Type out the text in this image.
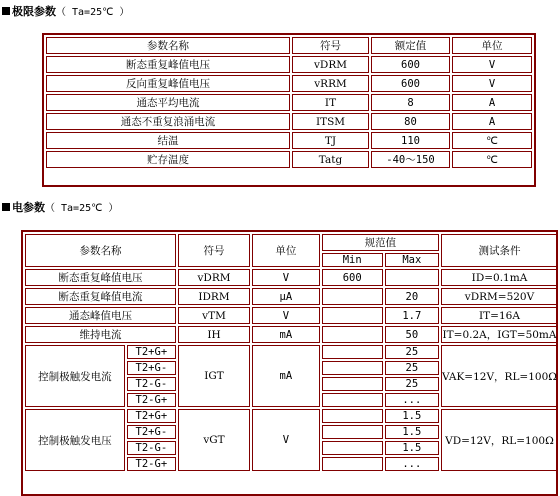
极限参数（ Ta=25℃ ）
参数名称	符号	额定值	单位
断态重复峰值电压	vDRM	600	V
反向重复峰值电压	vRRM	600	V
通态平均电流	IT	8	A
通态不重复浪涌电流	ITSM	80	A
结温	TJ	110	℃
贮存温度	Tatg	-40～150	℃
电参数（ Ta=25℃ ）
参数名称		符号	单位	规范值		测试条件
				Min	Max	
断态重复峰值电压		vDRM	V	600		ID=0.1mA
断态重复峰值电流		IDRM	μA		20	vDRM=520V
通态峰值电压		vTM	V		1.7	IT=16A
维持电流		IH	mA		50	IT=0.2A，IGT=50mA
控制极触发电流	T2+G+	IGT	mA		25	VAK=12V，RL=100Ω
	T2+G-				25	
	T2-G-				25	
	T2-G+				...	
控制极触发电压	T2+G+	vGT	V		1.5	VD=12V，RL=100Ω
	T2+G-				1.5	
	T2-G-				1.5	
	T2-G+				...	
